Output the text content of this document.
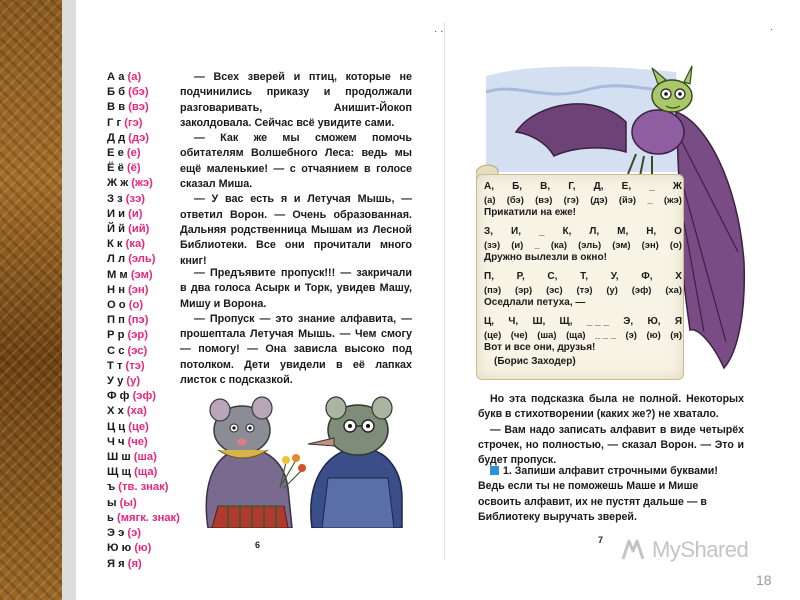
· ·	·
А а (а)
Б б (бэ)
В в (вэ)
Г г (гэ)
Д д (дэ)
Е е (е)
Ё ё (ё)
Ж ж (жэ)
З з (зэ)
И и (и)
Й й (ий)
К к (ка)
Л л (эль)
М м (эм)
Н н (эн)
О о (о)
П п (пэ)
Р р (эр)
С с (эс)
Т т (тэ)
У у (у)
Ф ф (эф)
Х х (ха)
Ц ц (це)
Ч ч (че)
Ш ш (ша)
Щ щ (ща)
ъ (тв. знак)
ы (ы)
ь (мягк. знак)
Э э (э)
Ю ю (ю)
Я я (я)

— Всех зверей и птиц, которые не подчинились приказу и продолжали разговаривать, Анишит-Йокоп заколдовала. Сейчас всё увидите сами.

— Как же мы сможем помочь обитателям Волшебного Леса: ведь мы ещё маленькие! — с отчаянием в голосе сказал Миша.

— У вас есть я и Летучая Мышь, — ответил Ворон. — Очень образованная. Дальняя родственница Мышам из Лесной Библиотеки. Все они прочитали много книг!

— Предъявите пропуск!!! — закричали в два голоса Асырк и Торк, увидев Машу, Мишу и Ворона.

— Пропуск — это знание алфавита, — прошептала Летучая Мышь. — Чем смогу — помогу! — Она зависла высоко под потолком. Дети увидели в её лапках листок с подсказкой.

6
А, Б, В, Г, Д, Е, _ Ж
(а) (бэ) (вэ) (гэ) (дэ) (йэ) _ (жэ)
Прикатили на еже!
З, И, _ К, Л, М, Н, О
(зэ) (и) _ (ка) (эль) (эм) (эн) (о)
Дружно вылезли в окно!
П, Р, С, Т, У, Ф, Х
(пэ) (эр) (эс) (тэ) (у) (эф) (ха)
Оседлали петуха, —
Ц, Ч, Ш, Щ, _ _ _ Э, Ю, Я
(це) (че) (ша) (ща) _ _ _ (э) (ю) (я)
Вот и все они, друзья!
(Борис Заходер)

Но эта подсказка была не полной. Некоторых букв в стихотворении (каких же?) не хватало.

— Вам надо записать алфавит в виде четырёх строчек, но полностью, — сказал Ворон. — Это и будет пропуск.

1. Запиши алфавит строчными буквами! Ведь если ты не поможешь Маше и Мише освоить алфавит, их не пустят дальше — в Библиотеку выручать зверей.
7 MyShared
18
